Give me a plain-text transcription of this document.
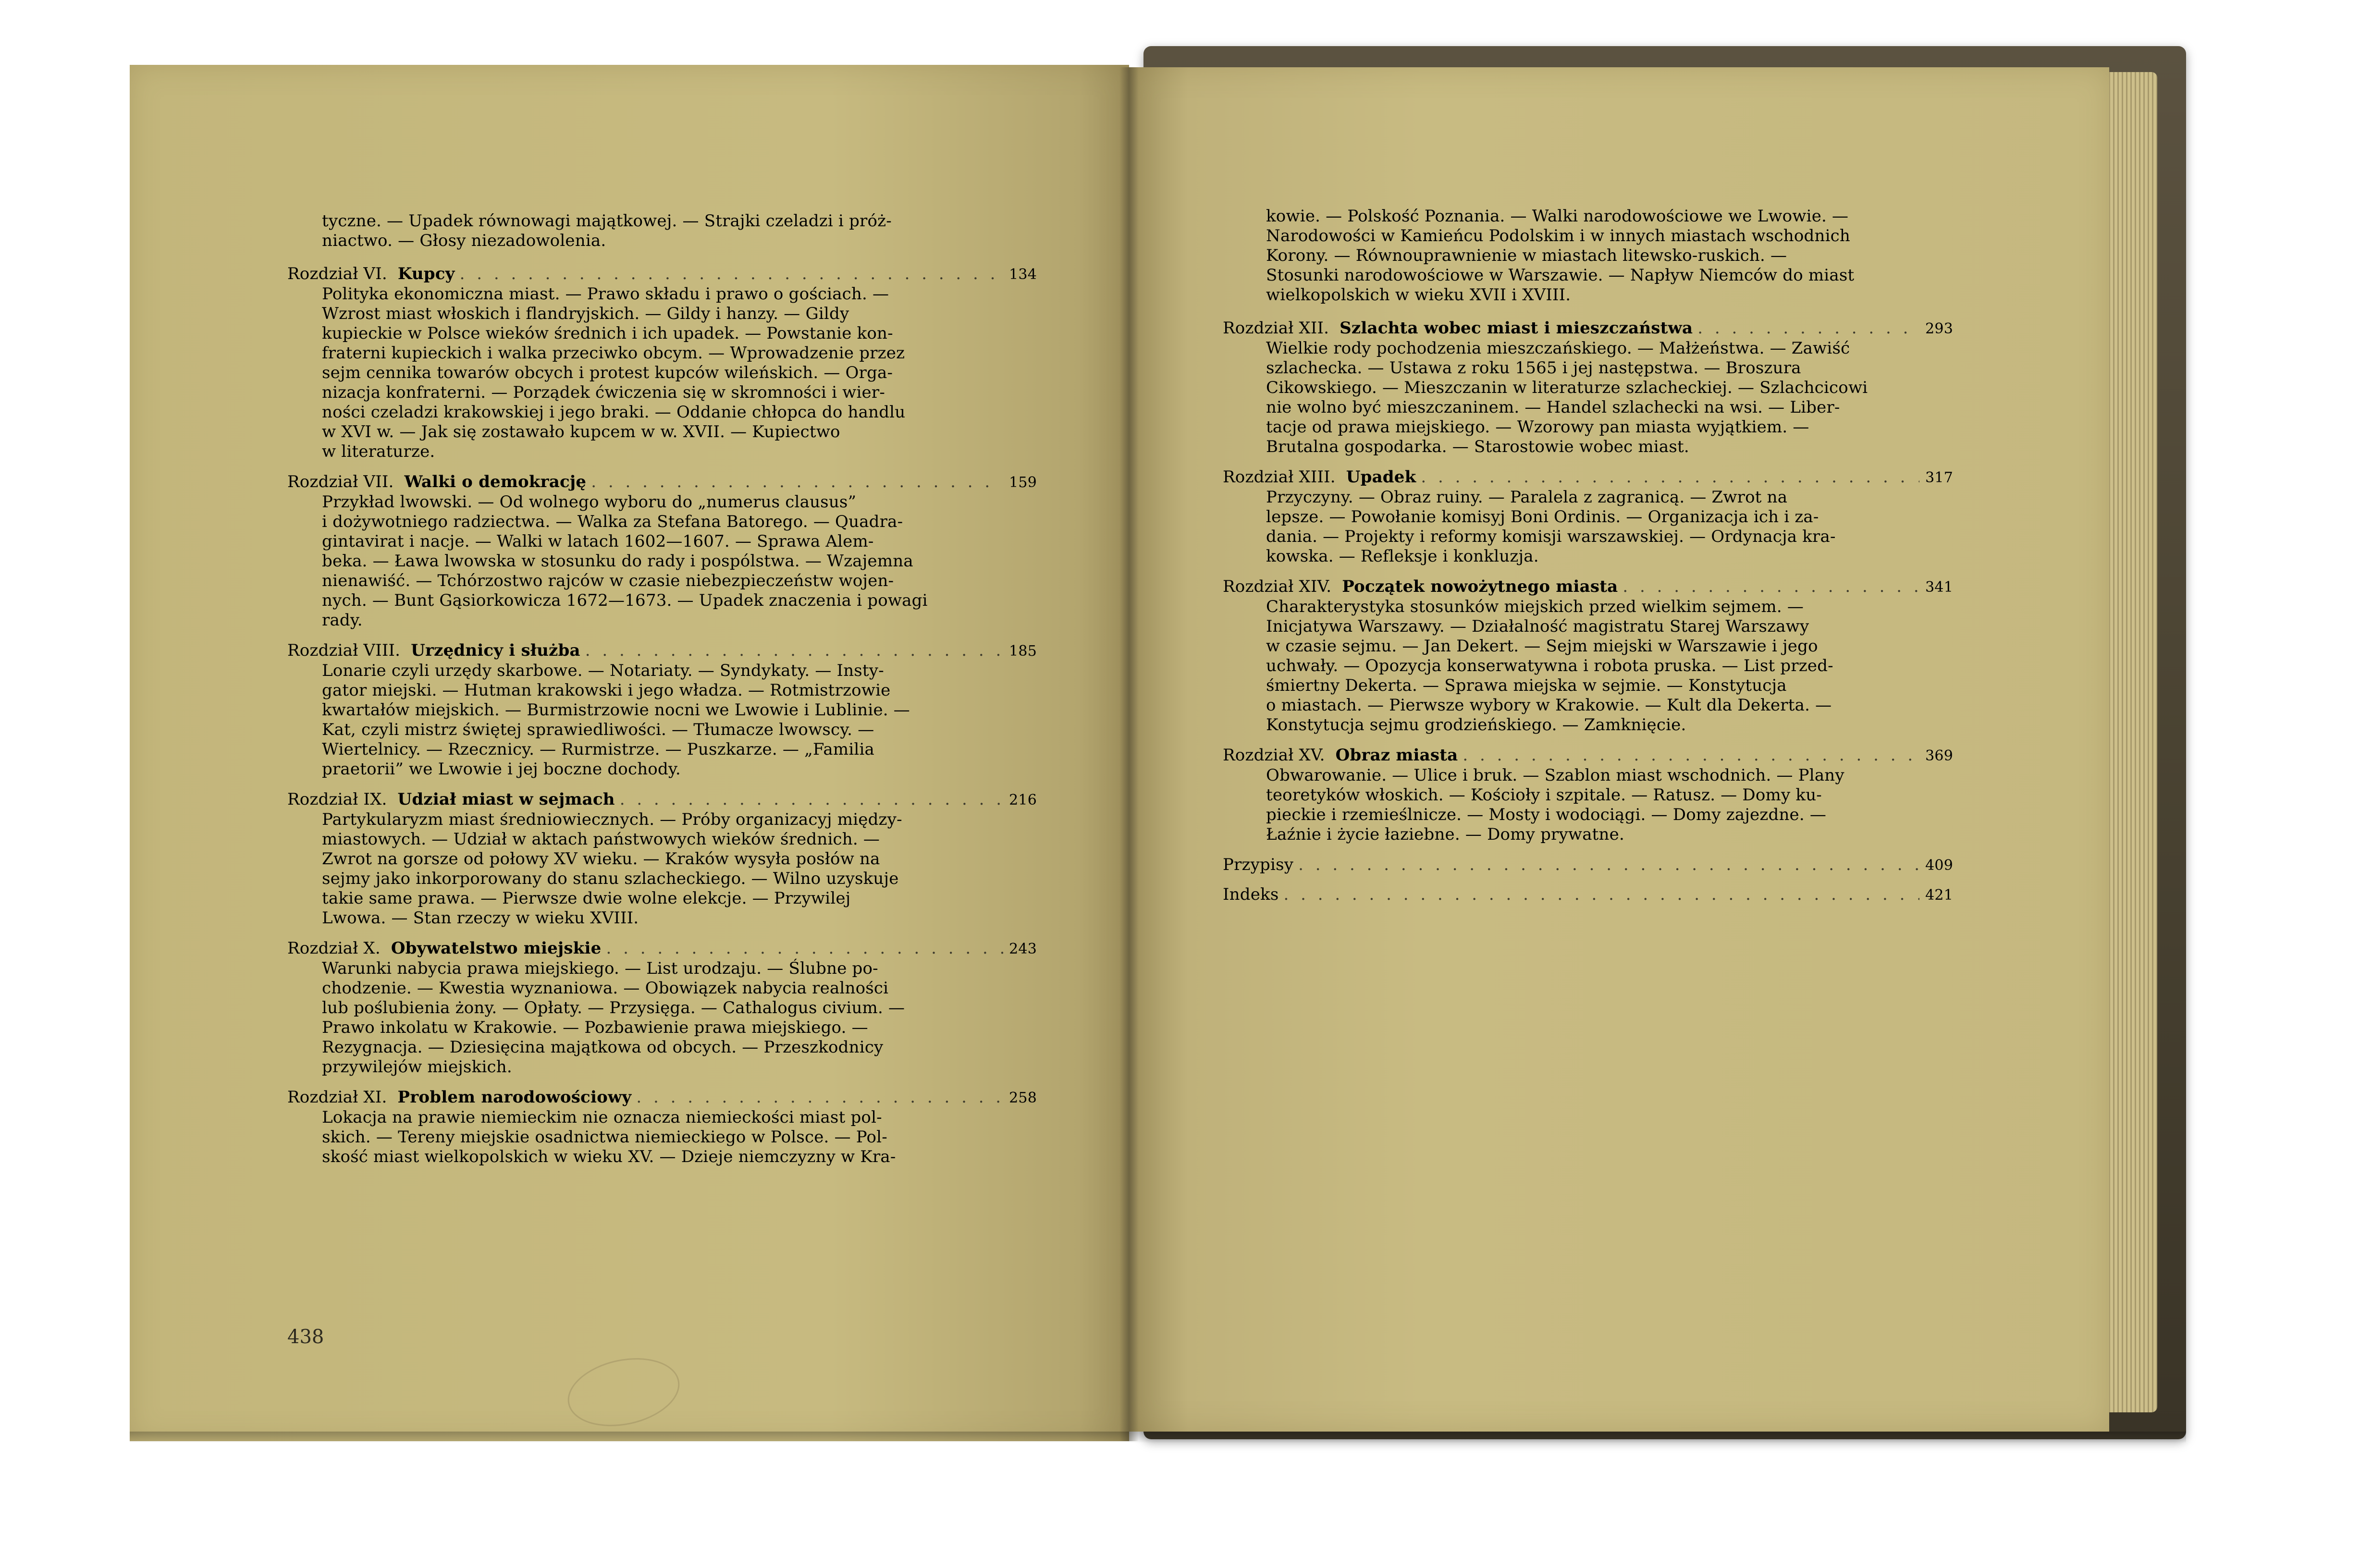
tyczne. — Upadek równowagi majątkowej. — Strajki czeladzi i próż-

niactwo. — Głosy niezadowolenia.

Rozdział VI. Kupcy . . .	134

Polityka ekonomiczna miast. — Prawo składu i prawo o gościach. —

Wzrost miast włoskich i flandryjskich. — Gildy i hanzy. — Gildy

kupieckie w Polsce wieków średnich i ich upadek. — Powstanie kon-

fraterni kupieckich i walka przeciwko obcym. — Wprowadzenie przez

sejm cennika towarów obcych i protest kupców wileńskich. — Orga-

nizacja konfraterni. — Porządek ćwiczenia się w skromności i wier-

ności czeladzi krakowskiej i jego braki. — Oddanie chłopca do handlu

w XVI w. — Jak się zostawało kupcem w w. XVII. — Kupiectwo

w literaturze.

Rozdział VII. Walki o demokrację . . .	159

Przykład lwowski. — Od wolnego wyboru do „numerus clausus”

i dożywotniego radziectwa. — Walka za Stefana Batorego. — Quadra-

gintavirat i nacje. — Walki w latach 1602—1607. — Sprawa Alem-

beka. — Ława lwowska w stosunku do rady i pospólstwa. — Wzajemna

nienawiść. — Tchórzostwo rajców w czasie niebezpieczeństw wojen-

nych. — Bunt Gąsiorkowicza 1672—1673. — Upadek znaczenia i powagi

rady.

Rozdział VIII. Urzędnicy i służba . . .	185

Lonarie czyli urzędy skarbowe. — Notariaty. — Syndykaty. — Insty-

gator miejski. — Hutman krakowski i jego władza. — Rotmistrzowie

kwartałów miejskich. — Burmistrzowie nocni we Lwowie i Lublinie. —

Kat, czyli mistrz świętej sprawiedliwości. — Tłumacze lwowscy. —

Wiertelnicy. — Rzecznicy. — Rurmistrze. — Puszkarze. — „Familia

praetorii” we Lwowie i jej boczne dochody.

Rozdział IX. Udział miast w sejmach . . .	216

Partykularyzm miast średniowiecznych. — Próby organizacyj między-

miastowych. — Udział w aktach państwowych wieków średnich. —

Zwrot na gorsze od połowy XV wieku. — Kraków wysyła posłów na

sejmy jako inkorporowany do stanu szlacheckiego. — Wilno uzyskuje

takie same prawa. — Pierwsze dwie wolne elekcje. — Przywilej

Lwowa. — Stan rzeczy w wieku XVIII.

Rozdział X. Obywatelstwo miejskie . . .	243

Warunki nabycia prawa miejskiego. — List urodzaju. — Ślubne po-

chodzenie. — Kwestia wyznaniowa. — Obowiązek nabycia realności

lub poślubienia żony. — Opłaty. — Przysięga. — Cathalogus civium. —

Prawo inkolatu w Krakowie. — Pozbawienie prawa miejskiego. —

Rezygnacja. — Dziesięcina majątkowa od obcych. — Przeszkodnicy

przywilejów miejskich.

Rozdział XI. Problem narodowościowy . . .	258

Lokacja na prawie niemieckim nie oznacza niemieckości miast pol-

skich. — Tereny miejskie osadnictwa niemieckiego w Polsce. — Pol-

skość miast wielkopolskich w wieku XV. — Dzieje niemczyzny w Kra-

438

kowie. — Polskość Poznania. — Walki narodowościowe we Lwowie. —

Narodowości w Kamieńcu Podolskim i w innych miastach wschodnich

Korony. — Równouprawnienie w miastach litewsko-ruskich. —

Stosunki narodowościowe w Warszawie. — Napływ Niemców do miast

wielkopolskich w wieku XVII i XVIII.

Rozdział XII. Szlachta wobec miast i mieszczaństwa . . .	293

Wielkie rody pochodzenia mieszczańskiego. — Małżeństwa. — Zawiść

szlachecka. — Ustawa z roku 1565 i jej następstwa. — Broszura

Cikowskiego. — Mieszczanin w literaturze szlacheckiej. — Szlachcicowi

nie wolno być mieszczaninem. — Handel szlachecki na wsi. — Liber-

tacje od prawa miejskiego. — Wzorowy pan miasta wyjątkiem. —

Brutalna gospodarka. — Starostowie wobec miast.

Rozdział XIII. Upadek . . .	317

Przyczyny. — Obraz ruiny. — Paralela z zagranicą. — Zwrot na

lepsze. — Powołanie komisyj Boni Ordinis. — Organizacja ich i za-

dania. — Projekty i reformy komisji warszawskiej. — Ordynacja kra-

kowska. — Refleksje i konkluzja.

Rozdział XIV. Początek nowożytnego miasta . . .	341

Charakterystyka stosunków miejskich przed wielkim sejmem. —

Inicjatywa Warszawy. — Działalność magistratu Starej Warszawy

w czasie sejmu. — Jan Dekert. — Sejm miejski w Warszawie i jego

uchwały. — Opozycja konserwatywna i robota pruska. — List przed-

śmiertny Dekerta. — Sprawa miejska w sejmie. — Konstytucja

o miastach. — Pierwsze wybory w Krakowie. — Kult dla Dekerta. —

Konstytucja sejmu grodzieńskiego. — Zamknięcie.

Rozdział XV. Obraz miasta . . .	369

Obwarowanie. — Ulice i bruk. — Szablon miast wschodnich. — Plany

teoretyków włoskich. — Kościoły i szpitale. — Ratusz. — Domy ku-

pieckie i rzemieślnicze. — Mosty i wodociągi. — Domy zajezdne. —

Łaźnie i życie łaziebne. — Domy prywatne.

Przypisy . . .	409
Indeks . . .	421
